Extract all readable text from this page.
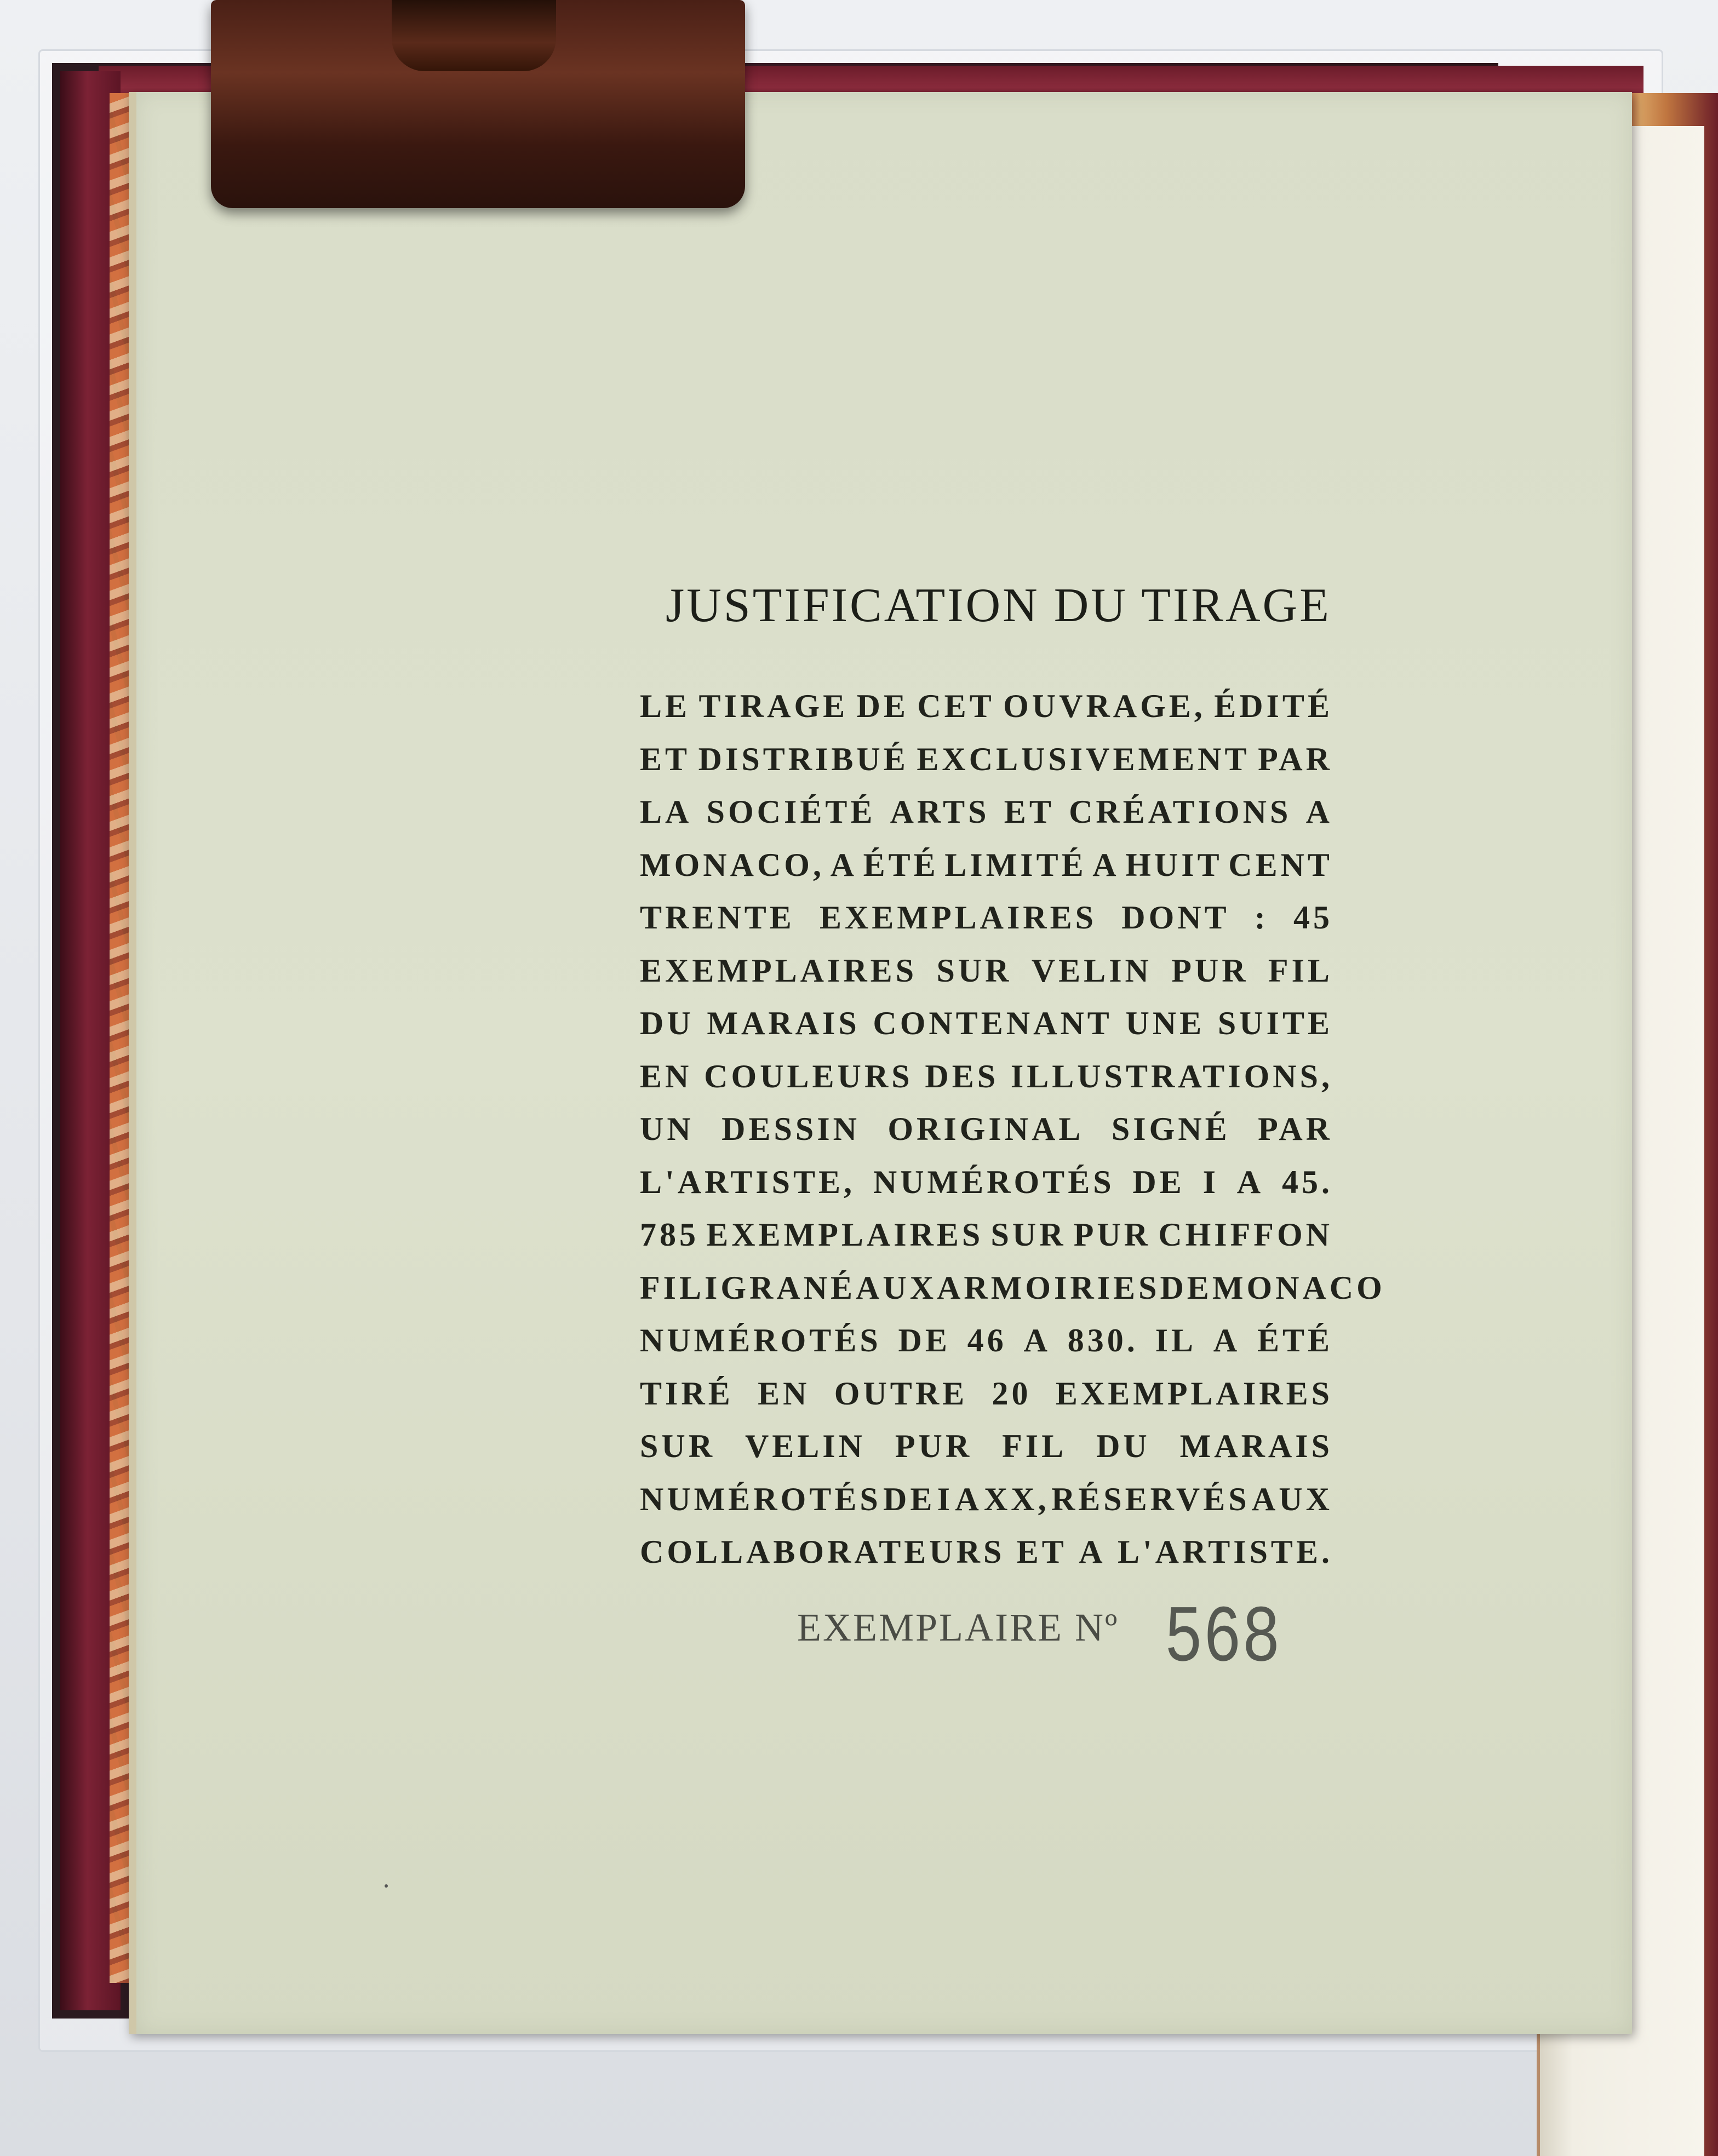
JUSTIFICATION DU TIRAGE
LE TIRAGE DE CET OUVRAGE, ÉDITÉ
ET DISTRIBUÉ EXCLUSIVEMENT PAR
LA SOCIÉTÉ ARTS ET CRÉATIONS A
MONACO, A ÉTÉ LIMITÉ A HUIT CENT
TRENTE EXEMPLAIRES DONT : 45
EXEMPLAIRES SUR VELIN PUR FIL
DU MARAIS CONTENANT UNE SUITE
EN COULEURS DES ILLUSTRATIONS,
UN DESSIN ORIGINAL SIGNÉ PAR
L'ARTISTE, NUMÉROTÉS DE I A 45.
785 EXEMPLAIRES SUR PUR CHIFFON
FILIGRANÉ AUX ARMOIRIES DE MONACO
NUMÉROTÉS DE 46 A 830. IL A ÉTÉ
TIRÉ EN OUTRE 20 EXEMPLAIRES
SUR VELIN PUR FIL DU MARAIS
NUMÉROTÉS DE I A XX, RÉSERVÉS AUX
COLLABORATEURS ET A L'ARTISTE.
EXEMPLAIRE Nº 568
